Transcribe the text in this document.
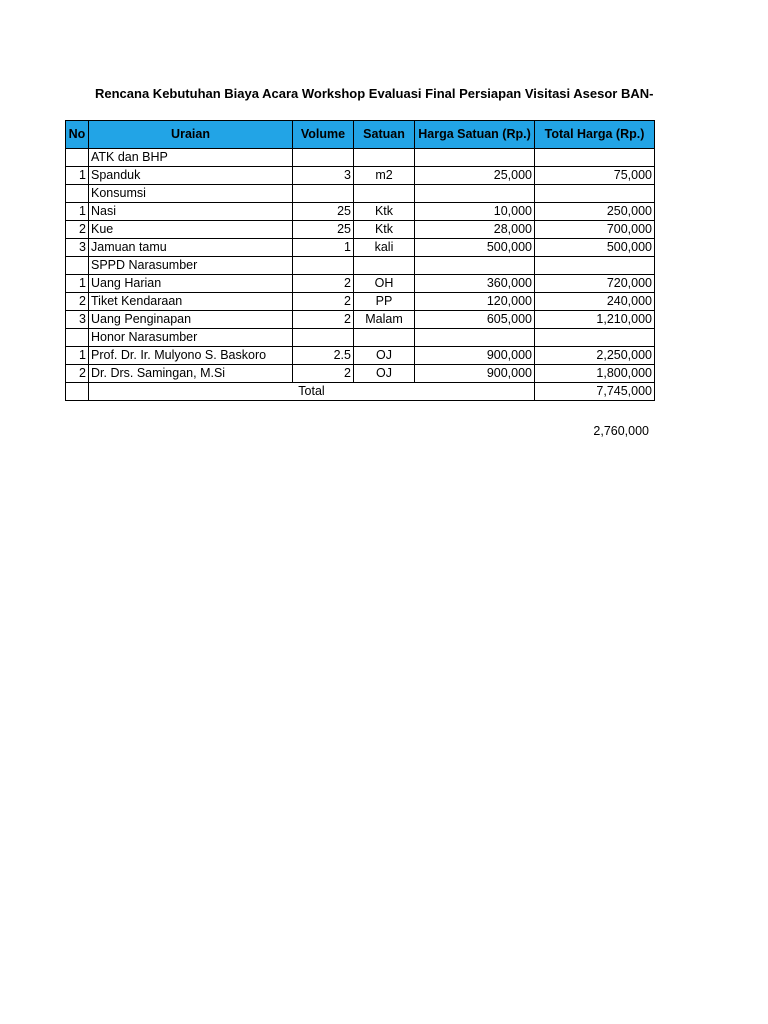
Rencana Kebutuhan Biaya Acara Workshop Evaluasi Final Persiapan Visitasi Asesor BAN-
No	Uraian	Volume	Satuan	Harga Satuan (Rp.)	Total Harga (Rp.)
	ATK dan BHP				
1	Spanduk	3	m2	25,000	75,000
	Konsumsi				
1	Nasi	25	Ktk	10,000	250,000
2	Kue	25	Ktk	28,000	700,000
3	Jamuan tamu	1	kali	500,000	500,000
	SPPD Narasumber				
1	Uang Harian	2	OH	360,000	720,000
2	Tiket Kendaraan	2	PP	120,000	240,000
3	Uang Penginapan	2	Malam	605,000	1,210,000
	Honor Narasumber				
1	Prof. Dr. Ir. Mulyono S. Baskoro	2.5	OJ	900,000	2,250,000
2	Dr. Drs. Samingan, M.Si	2	OJ	900,000	1,800,000
	Total				7,745,000
2,760,000
